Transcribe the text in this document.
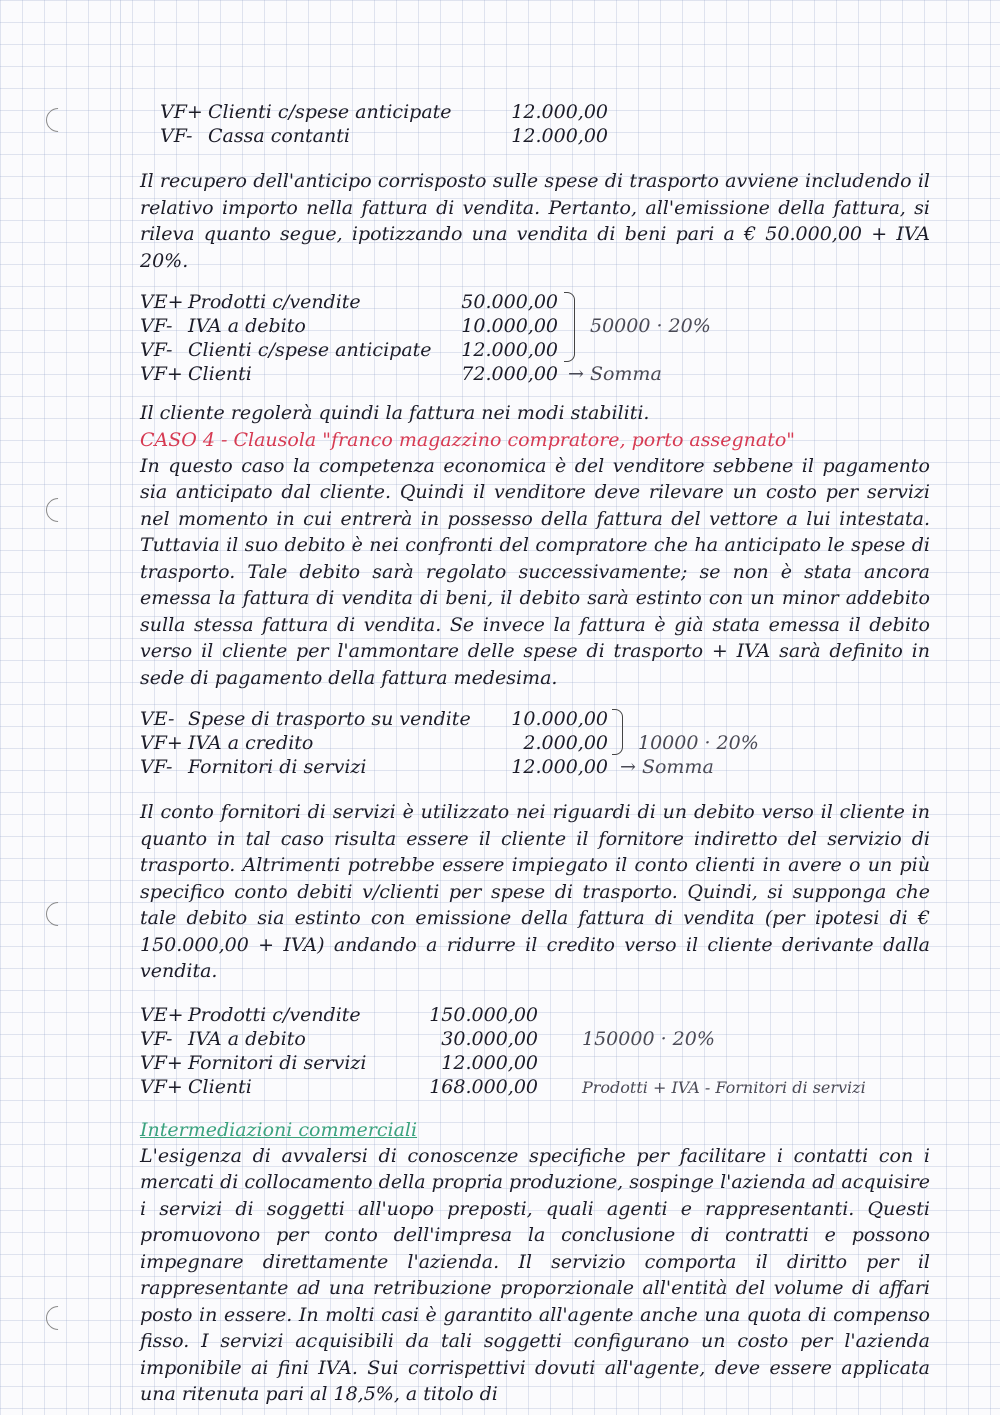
VF+ Clienti c/spese anticipate	12.000,00
VF- Cassa contanti	12.000,00

Il recupero dell'anticipo corrisposto sulle spese di trasporto avviene includendo il relativo importo nella fattura di vendita. Pertanto, all'emissione della fattura, si rileva quanto segue, ipotizzando una vendita di beni pari a € 50.000,00 + IVA 20%.

VE+ Prodotti c/vendite	50.000,00
VF- IVA a debito	10.000,00 50000 · 20%
VF- Clienti c/spese anticipate	12.000,00
VF+ Clienti	72.000,00 → Somma

Il cliente regolerà quindi la fattura nei modi stabiliti.

CASO 4 - Clausola "franco magazzino compratore, porto assegnato"

In questo caso la competenza economica è del venditore sebbene il pagamento sia anticipato dal cliente. Quindi il venditore deve rilevare un costo per servizi nel momento in cui entrerà in possesso della fattura del vettore a lui intestata. Tuttavia il suo debito è nei confronti del compratore che ha anticipato le spese di trasporto. Tale debito sarà regolato successivamente; se non è stata ancora emessa la fattura di vendita di beni, il debito sarà estinto con un minor addebito sulla stessa fattura di vendita. Se invece la fattura è già stata emessa il debito verso il cliente per l'ammontare delle spese di trasporto + IVA sarà definito in sede di pagamento della fattura medesima.

VE- Spese di trasporto su vendite	10.000,00
VF+ IVA a credito	2.000,00 10000 · 20%
VF- Fornitori di servizi	12.000,00 → Somma

Il conto fornitori di servizi è utilizzato nei riguardi di un debito verso il cliente in quanto in tal caso risulta essere il cliente il fornitore indiretto del servizio di trasporto. Altrimenti potrebbe essere impiegato il conto clienti in avere o un più specifico conto debiti v/clienti per spese di trasporto. Quindi, si supponga che tale debito sia estinto con emissione della fattura di vendita (per ipotesi di € 150.000,00 + IVA) andando a ridurre il credito verso il cliente derivante dalla vendita.

VE+ Prodotti c/vendite	150.000,00
VF- IVA a debito	30.000,00 150000 · 20%
VF+ Fornitori di servizi	12.000,00
VF+ Clienti	168.000,00	Prodotti + IVA - Fornitori di servizi

Intermediazioni commerciali

L'esigenza di avvalersi di conoscenze specifiche per facilitare i contatti con i mercati di collocamento della propria produzione, sospinge l'azienda ad acquisire i servizi di soggetti all'uopo preposti, quali agenti e rappresentanti. Questi promuovono per conto dell'impresa la conclusione di contratti e possono impegnare direttamente l'azienda. Il servizio comporta il diritto per il rappresentante ad una retribuzione proporzionale all'entità del volume di affari posto in essere. In molti casi è garantito all'agente anche una quota di compenso fisso. I servizi acquisibili da tali soggetti configurano un costo per l'azienda imponibile ai fini IVA. Sui corrispettivi dovuti all'agente, deve essere applicata una ritenuta pari al 18,5%, a titolo di
